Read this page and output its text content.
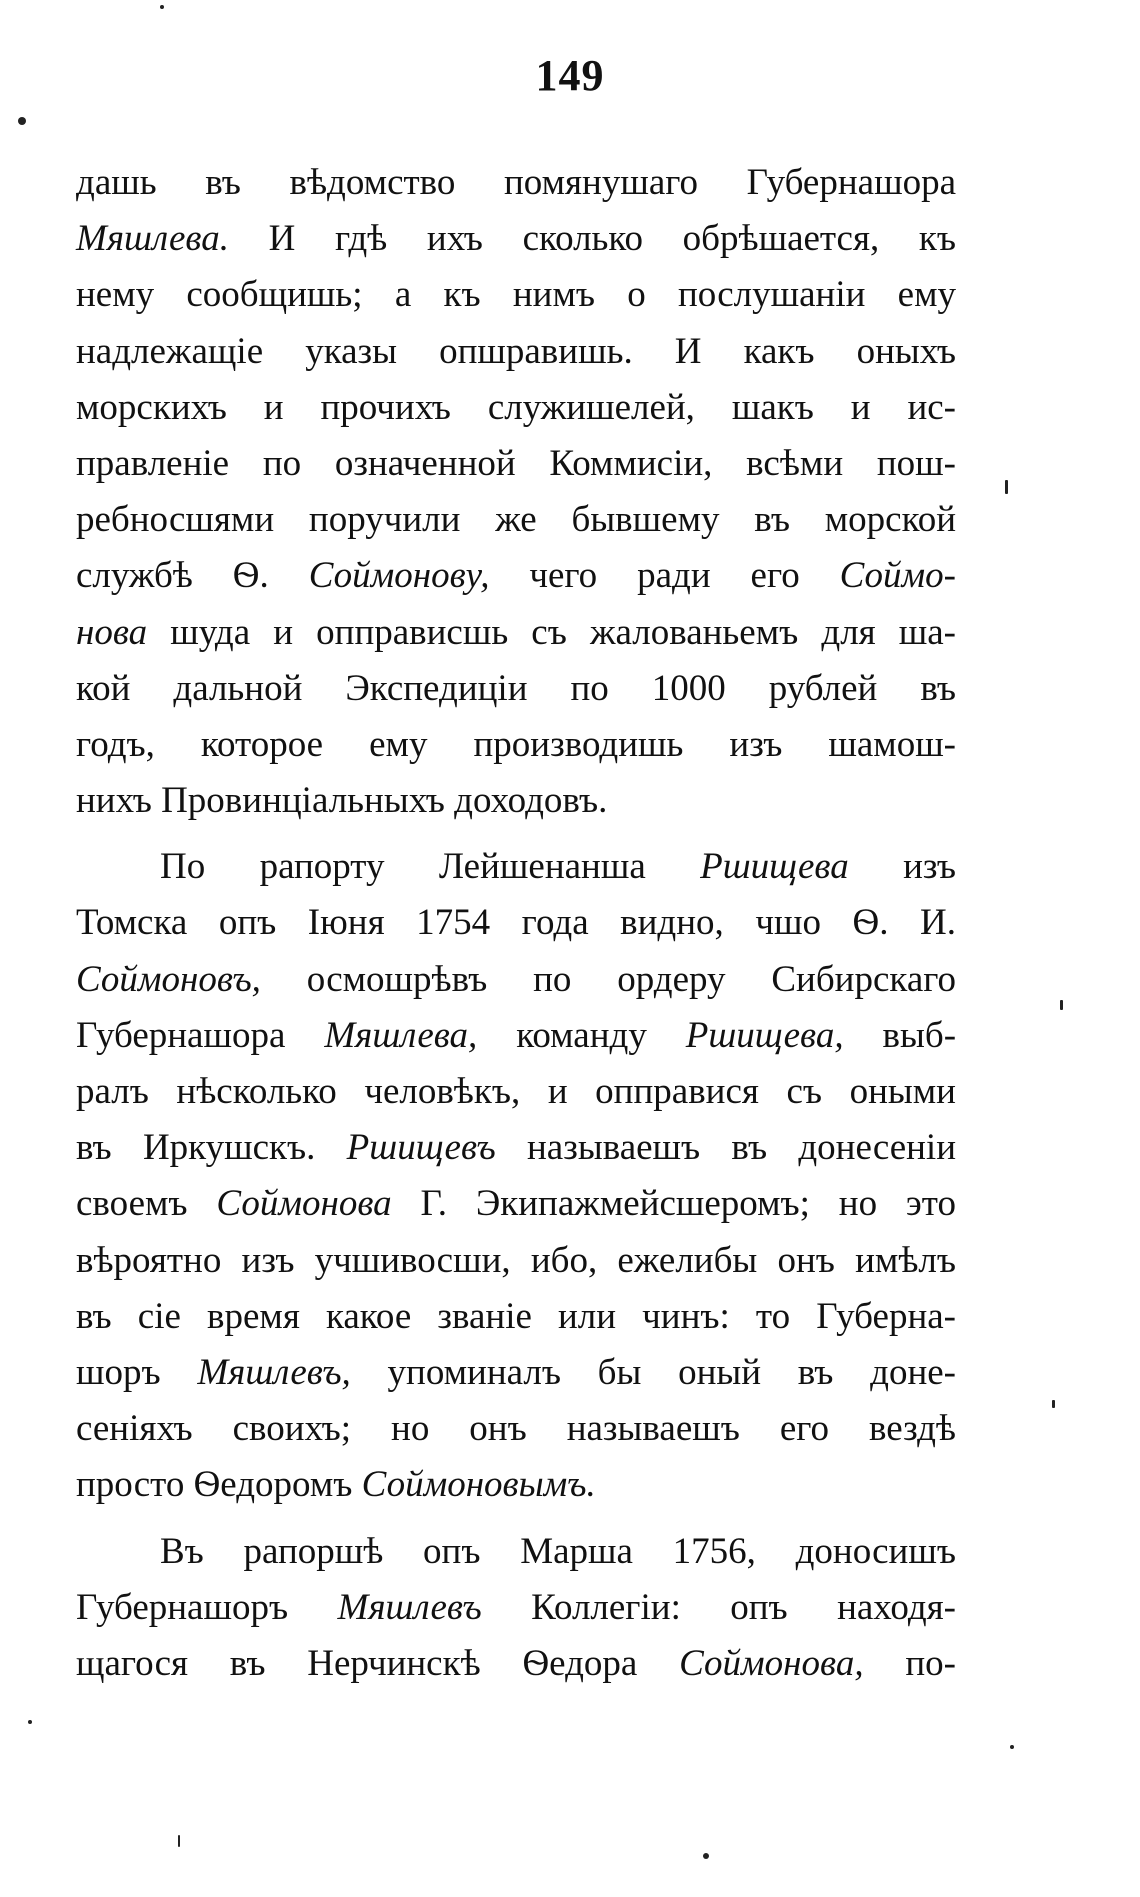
149
дашь въ вѣдомство помянушаго Губернашора
Мяшлева. И гдѣ ихъ сколько обрѣшается, къ
нему сообщишь; а къ нимъ о послушаніи ему
надлежащіе указы опшравишь. И какъ оныхъ
морскихъ и прочихъ служишелей, шакъ и ис-
правленіе по означенной Коммисіи, всѣми пош-
ребносшями поручили же бывшему въ морской
службѣ Ѳ. Соймонову, чего ради его Соймо-
нова шуда и опправисшь съ жалованьемъ для ша-
кой дальной Экспедиціи по 1000 рублей въ
годъ, которое ему производишь изъ шамош-
нихъ Провинціальныхъ доходовъ.
По рапорту Лейшенанша Ршищева изъ
Томска опъ Іюня 1754 года видно, чшо Ѳ. И.
Соймоновъ, осмошрѣвъ по ордеру Сибирскаго
Губернашора Мяшлева, команду Ршищева, выб-
ралъ нѣсколько человѣкъ, и опправися съ оными
въ Иркушскъ. Ршищевъ называешъ въ донесеніи
своемъ Соймонова Г. Экипажмейсшеромъ; но это
вѣроятно изъ учшивосши, ибо, ежелибы онъ имѣлъ
въ сіе время какое званіе или чинъ: то Губерна-
шоръ Мяшлевъ, упоминалъ бы оный въ доне-
сеніяхъ своихъ; но онъ называешъ его вездѣ
просто Ѳедоромъ Соймоновымъ.
Въ рапоршѣ опъ Марша 1756, доносишъ
Губернашоръ Мяшлевъ Коллегіи: опъ находя-
щагося въ Нерчинскѣ Ѳедора Соймонова, по-
